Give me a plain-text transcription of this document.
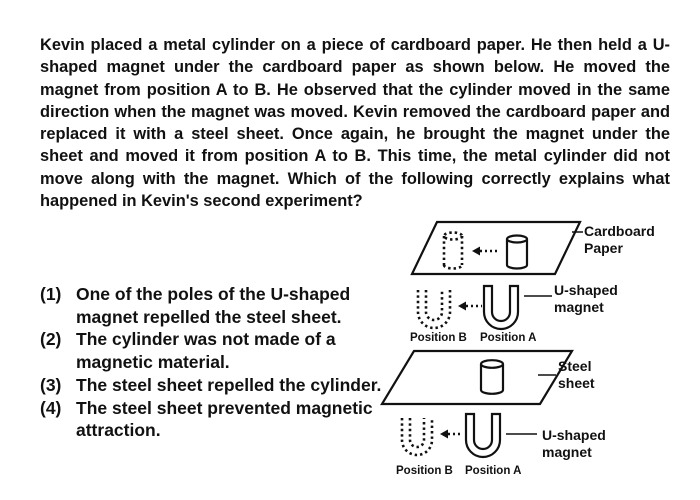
Kevin placed a metal cylinder on a piece of cardboard paper. He then held a U-shaped magnet under the cardboard paper as shown below. He moved the magnet from position A to B. He observed that the cylinder moved in the same direction when the magnet was moved. Kevin removed the cardboard paper and replaced it with a steel sheet. Once again, he brought the magnet under the sheet and moved it from position A to B. This time, the metal cylinder did not move along with the magnet. Which of the following correctly explains what happened in Kevin's second experiment?

(1) One of the poles of the U-shaped magnet repelled the steel sheet.
(2) The cylinder was not made of a magnetic material.
(3) The steel sheet repelled the cylinder.
(4) The steel sheet prevented magnetic attraction.
Cardboard
Paper
U-shaped
magnet
Position B Position A
Steel
sheet
U-shaped
magnet
Position B Position A
